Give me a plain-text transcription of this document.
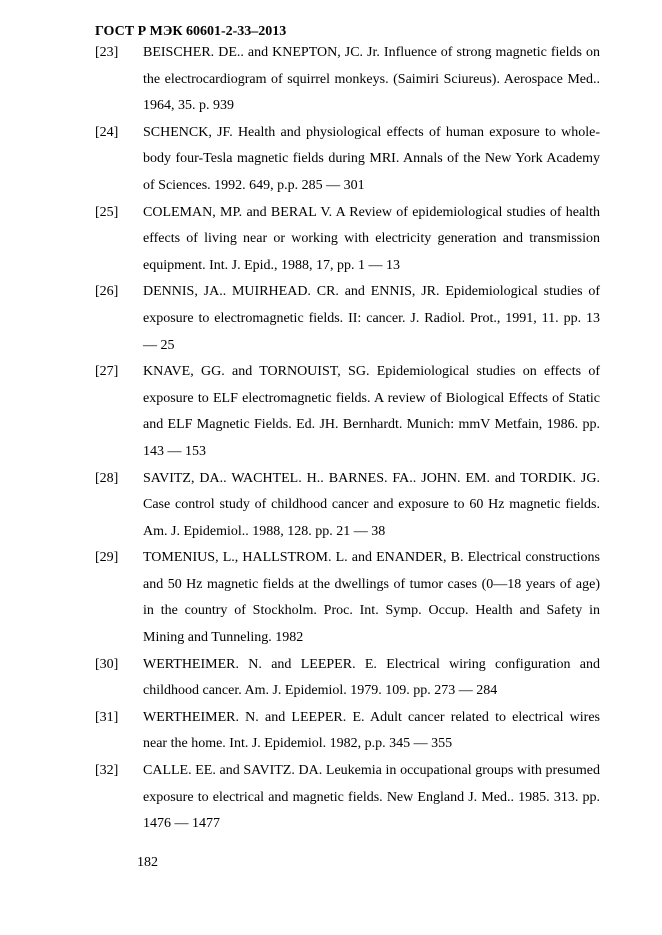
ГОСТ Р МЭК 60601-2-33–2013
[23]	BEISCHER. DE.. and KNEPTON, JC. Jr. Influence of strong magnetic fields on the electrocardiogram of squirrel monkeys. (Saimiri Sciureus). Aerospace Med.. 1964, 35. p. 939
[24]	SCHENCK, JF. Health and physiological effects of human exposure to whole-body four-Tesla magnetic fields during MRI. Annals of the New York Academy of Sciences. 1992. 649, p.p. 285 — 301
[25]	COLEMAN, MP. and BERAL V. A Review of epidemiological studies of health effects of living near or working with electricity generation and transmission equipment. Int. J. Epid., 1988, 17, pp. 1 — 13
[26]	DENNIS, JA.. MUIRHEAD. CR. and ENNIS, JR. Epidemiological studies of exposure to electromagnetic fields. II: cancer. J. Radiol. Prot., 1991, 11. pp. 13 — 25
[27]	KNAVE, GG. and TORNOUIST, SG. Epidemiological studies on effects of exposure to ELF electromagnetic fields. A review of Biological Effects of Static and ELF Magnetic Fields. Ed. JH. Bernhardt. Munich: mmV Metfain, 1986. pp. 143 — 153
[28]	SAVITZ, DA.. WACHTEL. H.. BARNES. FA.. JOHN. EM. and TORDIK. JG. Case control study of childhood cancer and exposure to 60 Hz magnetic fields. Am. J. Epidemiol.. 1988, 128. pp. 21 — 38
[29]	TOMENIUS, L., HALLSTROM. L. and ENANDER, B. Electrical constructions and 50 Hz magnetic fields at the dwellings of tumor cases (0—18 years of age) in the country of Stockholm. Proc. Int. Symp. Occup. Health and Safety in Mining and Tunneling. 1982
[30]	WERTHEIMER. N. and LEEPER. E. Electrical wiring configuration and childhood cancer. Am. J. Epidemiol. 1979. 109. pp. 273 — 284
[31]	WERTHEIMER. N. and LEEPER. E. Adult cancer related to electrical wires near the home. Int. J. Epidemiol. 1982, p.p. 345 — 355
[32]	CALLE. EE. and SAVITZ. DA. Leukemia in occupational groups with presumed exposure to electrical and magnetic fields. New England J. Med.. 1985. 313. pp. 1476 — 1477
182
